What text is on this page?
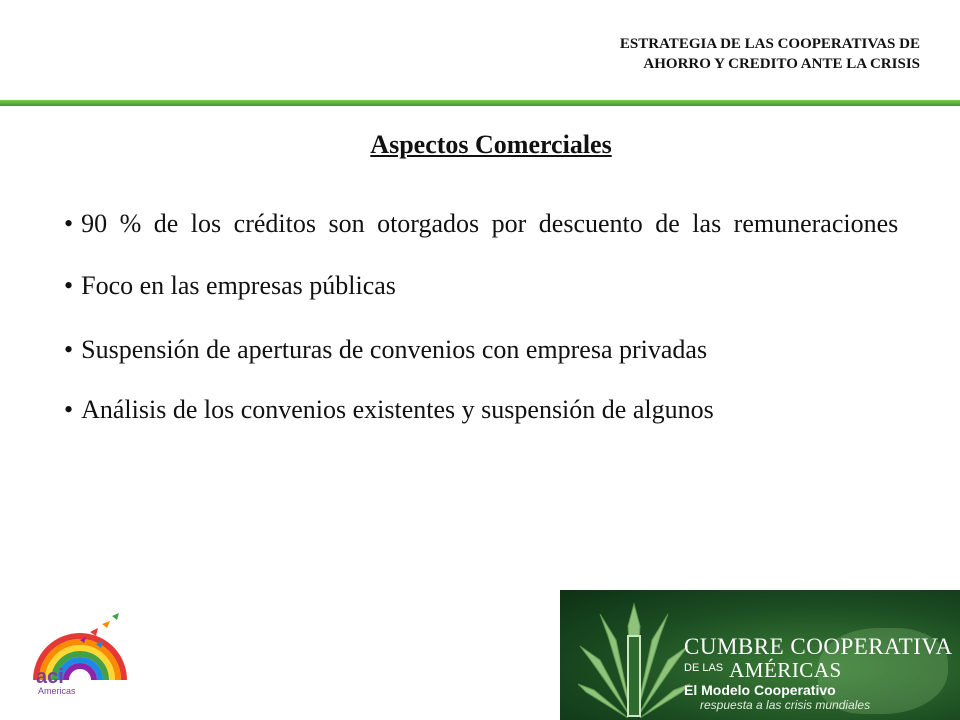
ESTRATEGIA DE LAS COOPERATIVAS DE
AHORRO Y CREDITO ANTE LA CRISIS
Aspectos Comerciales
• 90 % de los créditos son otorgados por descuento de las remuneraciones
• Foco en las empresas públicas
• Suspensión de aperturas de convenios con empresa privadas
• Análisis de los convenios existentes y suspensión de algunos
aci
Americas
CUMBRE COOPERATIVA
$^{DE LAS}$ AMÉRICAS
El Modelo Cooperativo
respuesta a las crisis mundiales
